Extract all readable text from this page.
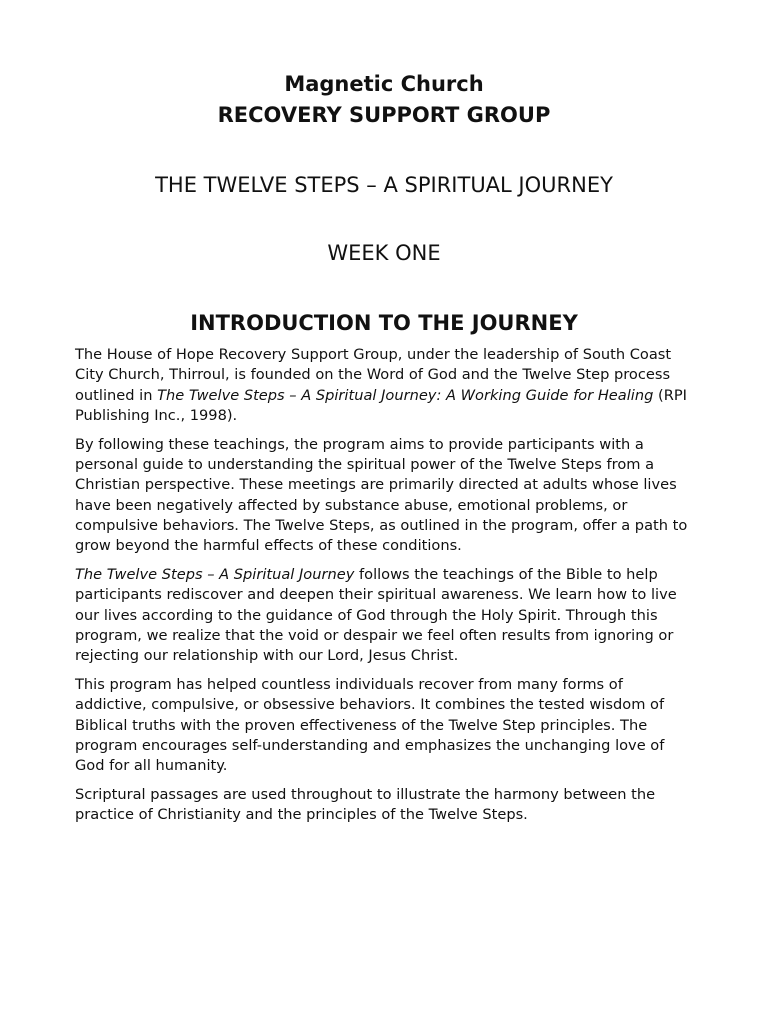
Magnetic Church
RECOVERY SUPPORT GROUP
THE TWELVE STEPS – A SPIRITUAL JOURNEY
WEEK ONE
INTRODUCTION TO THE JOURNEY

The House of Hope Recovery Support Group, under the leadership of South Coast City Church, Thirroul, is founded on the Word of God and the Twelve Step process outlined in The Twelve Steps – A Spiritual Journey: A Working Guide for Healing (RPI Publishing Inc., 1998).

By following these teachings, the program aims to provide participants with a personal guide to understanding the spiritual power of the Twelve Steps from a Christian perspective. These meetings are primarily directed at adults whose lives have been negatively affected by substance abuse, emotional problems, or compulsive behaviors. The Twelve Steps, as outlined in the program, offer a path to grow beyond the harmful effects of these conditions.

The Twelve Steps – A Spiritual Journey follows the teachings of the Bible to help participants rediscover and deepen their spiritual awareness. We learn how to live our lives according to the guidance of God through the Holy Spirit. Through this program, we realize that the void or despair we feel often results from ignoring or rejecting our relationship with our Lord, Jesus Christ.

This program has helped countless individuals recover from many forms of addictive, compulsive, or obsessive behaviors. It combines the tested wisdom of Biblical truths with the proven effectiveness of the Twelve Step principles. The program encourages self-understanding and emphasizes the unchanging love of God for all humanity.

Scriptural passages are used throughout to illustrate the harmony between the practice of Christianity and the principles of the Twelve Steps.
